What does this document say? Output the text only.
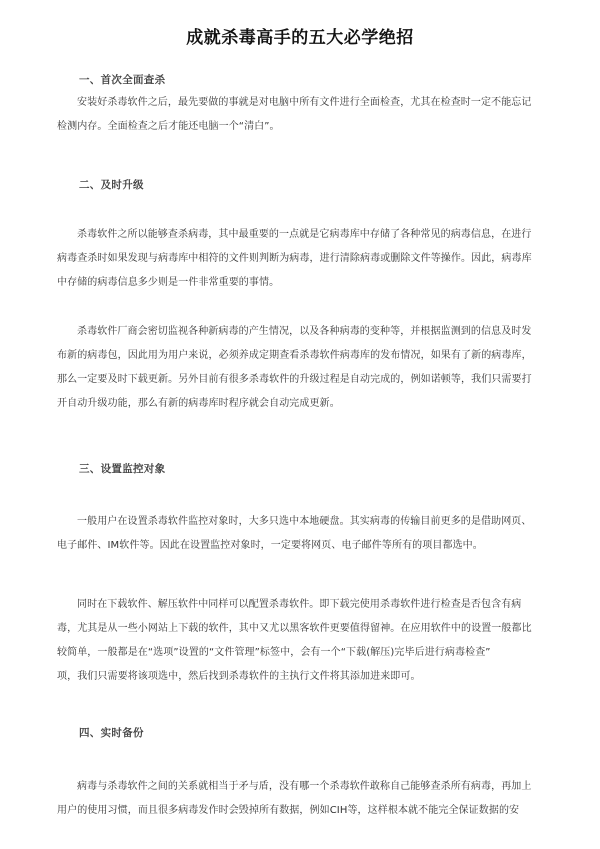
成就杀毒高手的五大必学绝招
一、首次全面查杀

安装好杀毒软件之后，最先要做的事就是对电脑中所有文件进行全面检查，尤其在检查时一定不能忘记
检测内存。全面检查之后才能还电脑一个“清白”。

二、及时升级

杀毒软件之所以能够查杀病毒，其中最重要的一点就是它病毒库中存储了各种常见的病毒信息，在进行
病毒查杀时如果发现与病毒库中相符的文件则判断为病毒，进行清除病毒或删除文件等操作。因此，病毒库
中存储的病毒信息多少则是一件非常重要的事情。

杀毒软件厂商会密切监视各种新病毒的产生情况，以及各种病毒的变种等，并根据监测到的信息及时发
布新的病毒包，因此用为用户来说，必须养成定期查看杀毒软件病毒库的发布情况，如果有了新的病毒库，
那么一定要及时下载更新。另外目前有很多杀毒软件的升级过程是自动完成的，例如诺顿等，我们只需要打
开自动升级功能，那么有新的病毒库时程序就会自动完成更新。

三、设置监控对象

一般用户在设置杀毒软件监控对象时，大多只选中本地硬盘。其实病毒的传输目前更多的是借助网页、
电子邮件、IM软件等。因此在设置监控对象时，一定要将网页、电子邮件等所有的项目都选中。

同时在下载软件、解压软件中同样可以配置杀毒软件。即下载完使用杀毒软件进行检查是否包含有病
毒，尤其是从一些小网站上下载的软件，其中又尤以黑客软件更要值得留神。在应用软件中的设置一般都比
较简单，一般都是在“选项”设置的“文件管理”标签中，会有一个“下载(解压)完毕后进行病毒检查”
项，我们只需要将该项选中，然后找到杀毒软件的主执行文件将其添加进来即可。

四、实时备份

病毒与杀毒软件之间的关系就相当于矛与盾，没有哪一个杀毒软件敢称自己能够查杀所有病毒，再加上
用户的使用习惯，而且很多病毒发作时会毁掉所有数据，例如CIH等，这样根本就不能完全保证数据的安
